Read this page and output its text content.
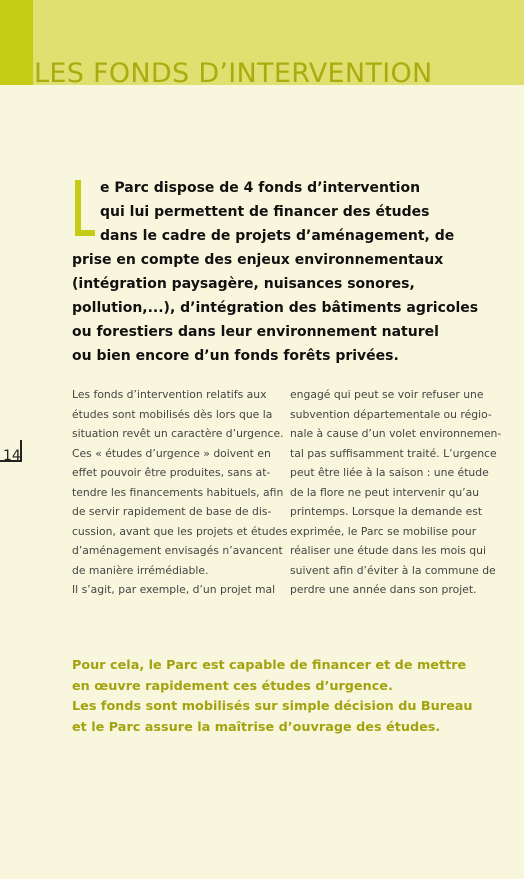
LES FONDS D’INTERVENTION
14
e Parc dispose de 4 fonds d’intervention
qui lui permettent de financer des études
dans le cadre de projets d’aménagement, de
prise en compte des enjeux environnementaux
(intégration paysagère, nuisances sonores,
pollution,...), d’intégration des bâtiments agricoles
ou forestiers dans leur environnement naturel
ou bien encore d’un fonds forêts privées.
Les fonds d’intervention relatifs aux
études sont mobilisés dès lors que la
situation revêt un caractère d’urgence.
Ces « études d’urgence » doivent en
effet pouvoir être produites, sans at-
tendre les financements habituels, afin
de servir rapidement de base de dis-
cussion, avant que les projets et études
d’aménagement envisagés n’avancent
de manière irrémédiable.
Il s’agit, par exemple, d’un projet mal
engagé qui peut se voir refuser une
subvention départementale ou régio-
nale à cause d’un volet environnemen-
tal pas suffisamment traité. L’urgence
peut être liée à la saison : une étude
de la flore ne peut intervenir qu’au
printemps. Lorsque la demande est
exprimée, le Parc se mobilise pour
réaliser une étude dans les mois qui
suivent afin d’éviter à la commune de
perdre une année dans son projet.
Pour cela, le Parc est capable de financer et de mettre
en œuvre rapidement ces études d’urgence.
Les fonds sont mobilisés sur simple décision du Bureau
et le Parc assure la maîtrise d’ouvrage des études.
